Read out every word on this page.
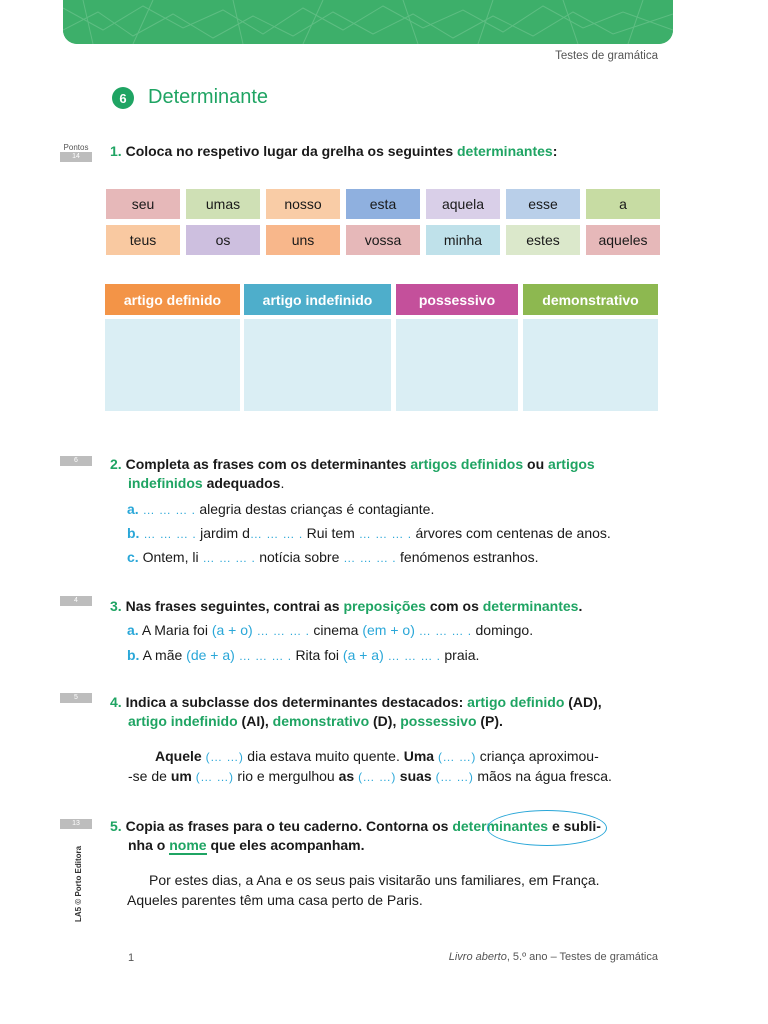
Testes de gramática
6	Determinante
Pontos
14	1. Coloca no respetivo lugar da grelha os seguintes determinantes:
seu	umas	nosso	esta	aquela	esse	a
teus	os	uns	vossa	minha	estes	aqueles
artigo definido	artigo indefinido	possessivo	demonstrativo
6	2. Completa as frases com os determinantes artigos definidos ou artigos
indefinidos adequados.
a. … … … . alegria destas crianças é contagiante.
b. … … … . jardim d… … … . Rui tem … … … . árvores com centenas de anos.
c. Ontem, li … … … . notícia sobre … … … . fenómenos estranhos.
4	3. Nas frases seguintes, contrai as preposições com os determinantes.
a. A Maria foi (a + o) … … … . cinema (em + o) … … … . domingo.
b. A mãe (de + a) … … … . Rita foi (a + a) … … … . praia.
5	4. Indica a subclasse dos determinantes destacados: artigo definido (AD),
artigo indefinido (AI), demonstrativo (D), possessivo (P).
Aquele (… …) dia estava muito quente. Uma (… …) criança aproximou-
-se de um (… …) rio e mergulhou as (… …) suas (… …) mãos na água fresca.
13	5. Copia as frases para o teu caderno. Contorna os determinantes e subli-
nha o nome que eles acompanham.
Por estes dias, a Ana e os seus pais visitarão uns familiares, em França.
Aqueles parentes têm uma casa perto de Paris.
LA5 © Porto Editora
1	Livro aberto, 5.º ano – Testes de gramática
